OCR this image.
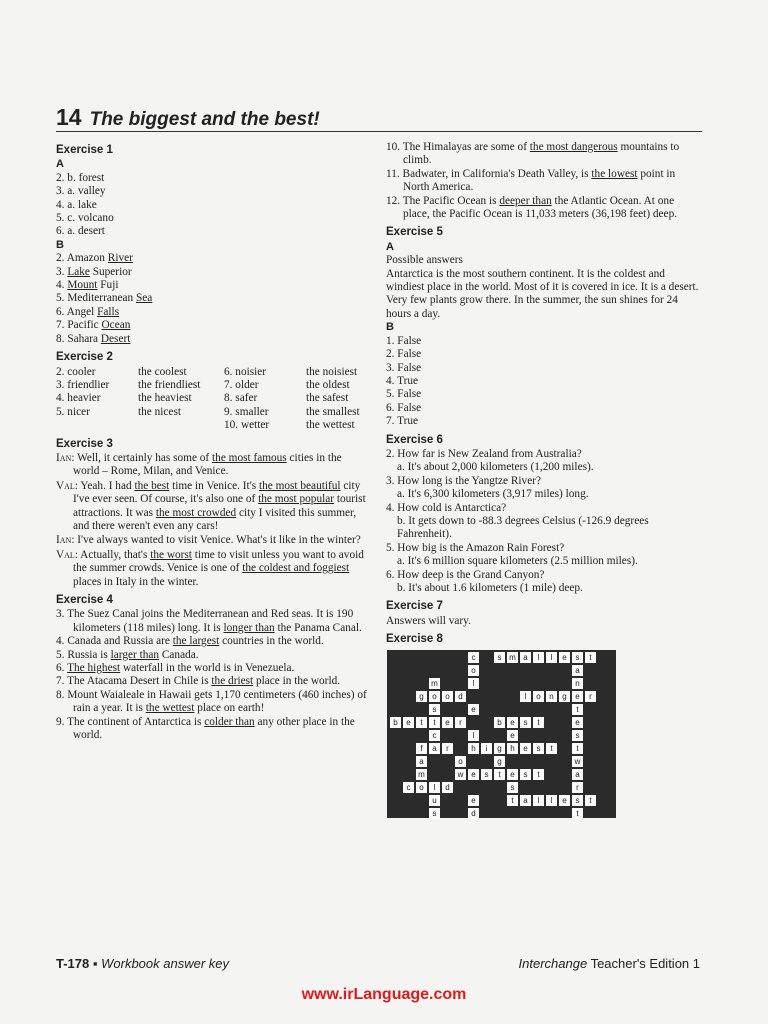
14 The biggest and the best!
Exercise 1
A
2. b. forest
3. a. valley
4. a. lake
5. c. volcano
6. a. desert
B
2. Amazon River
3. Lake Superior
4. Mount Fuji
5. Mediterranean Sea
6. Angel Falls
7. Pacific Ocean
8. Sahara Desert
Exercise 2
2. cooler	the coolest	6. noisier	the noisiest
3. friendlier	the friendliest	7. older	the oldest
4. heavier	the heaviest	8. safer	the safest
5. nicer	the nicest	9. smaller	the smallest
		10. wetter	the wettest
Exercise 3
Ian: Well, it certainly has some of the most famous cities in the world – Rome, Milan, and Venice.
Val: Yeah. I had the best time in Venice. It's the most beautiful city I've ever seen. Of course, it's also one of the most popular tourist attractions. It was the most crowded city I visited this summer, and there weren't even any cars!
Ian: I've always wanted to visit Venice. What's it like in the winter?
Val: Actually, that's the worst time to visit unless you want to avoid the summer crowds. Venice is one of the coldest and foggiest places in Italy in the winter.
Exercise 4
3. The Suez Canal joins the Mediterranean and Red seas. It is 190 kilometers (118 miles) long. It is longer than the Panama Canal.
4. Canada and Russia are the largest countries in the world.
5. Russia is larger than Canada.
6. The highest waterfall in the world is in Venezuela.
7. The Atacama Desert in Chile is the driest place in the world.
8. Mount Waialeale in Hawaii gets 1,170 centimeters (460 inches) of rain a year. It is the wettest place on earth!
9. The continent of Antarctica is colder than any other place in the world.
10. The Himalayas are some of the most dangerous mountains to climb.
11. Badwater, in California's Death Valley, is the lowest point in North America.
12. The Pacific Ocean is deeper than the Atlantic Ocean. At one place, the Pacific Ocean is 11,033 meters (36,198 feet) deep.
Exercise 5
A
Possible answers
Antarctica is the most southern continent. It is the coldest and windiest place in the world. Most of it is covered in ice. It is a desert. Very few plants grow there. In the summer, the sun shines for 24 hours a day.
B
1. False
2. False
3. False
4. True
5. False
6. False
7. True
Exercise 6
2. How far is New Zealand from Australia?
a. It's about 2,000 kilometers (1,200 miles).
3. How long is the Yangtze River?
a. It's 6,300 kilometers (3,917 miles) long.
4. How cold is Antarctica?
b. It gets down to -88.3 degrees Celsius (-126.9 degrees Fahrenheit).
5. How big is the Amazon Rain Forest?
a. It's 6 million square kilometers (2.5 million miles).
6. How deep is the Grand Canyon?
b. It's about 1.6 kilometers (1 mile) deep.
Exercise 7
Answers will vary.
Exercise 8
c	s m a	l	l	e	s	t
o	a
m	l	n
g	o	o	d	l	o	n	g	e	r
s	e	t
b	e	t	t	e	r	b	e	s	t	e
c	l	e	s
f	a	r	h	i	g	h	e	s	t	t
a	o	g	w
m	w e	s	t	e	s	t	a
c	o	l	d	s	r
u	e	t	a	l	l	e	s	t
s	d	t
T-178 ▪ Workbook answer key	Interchange Teacher's Edition 1
www.irLanguage.com
